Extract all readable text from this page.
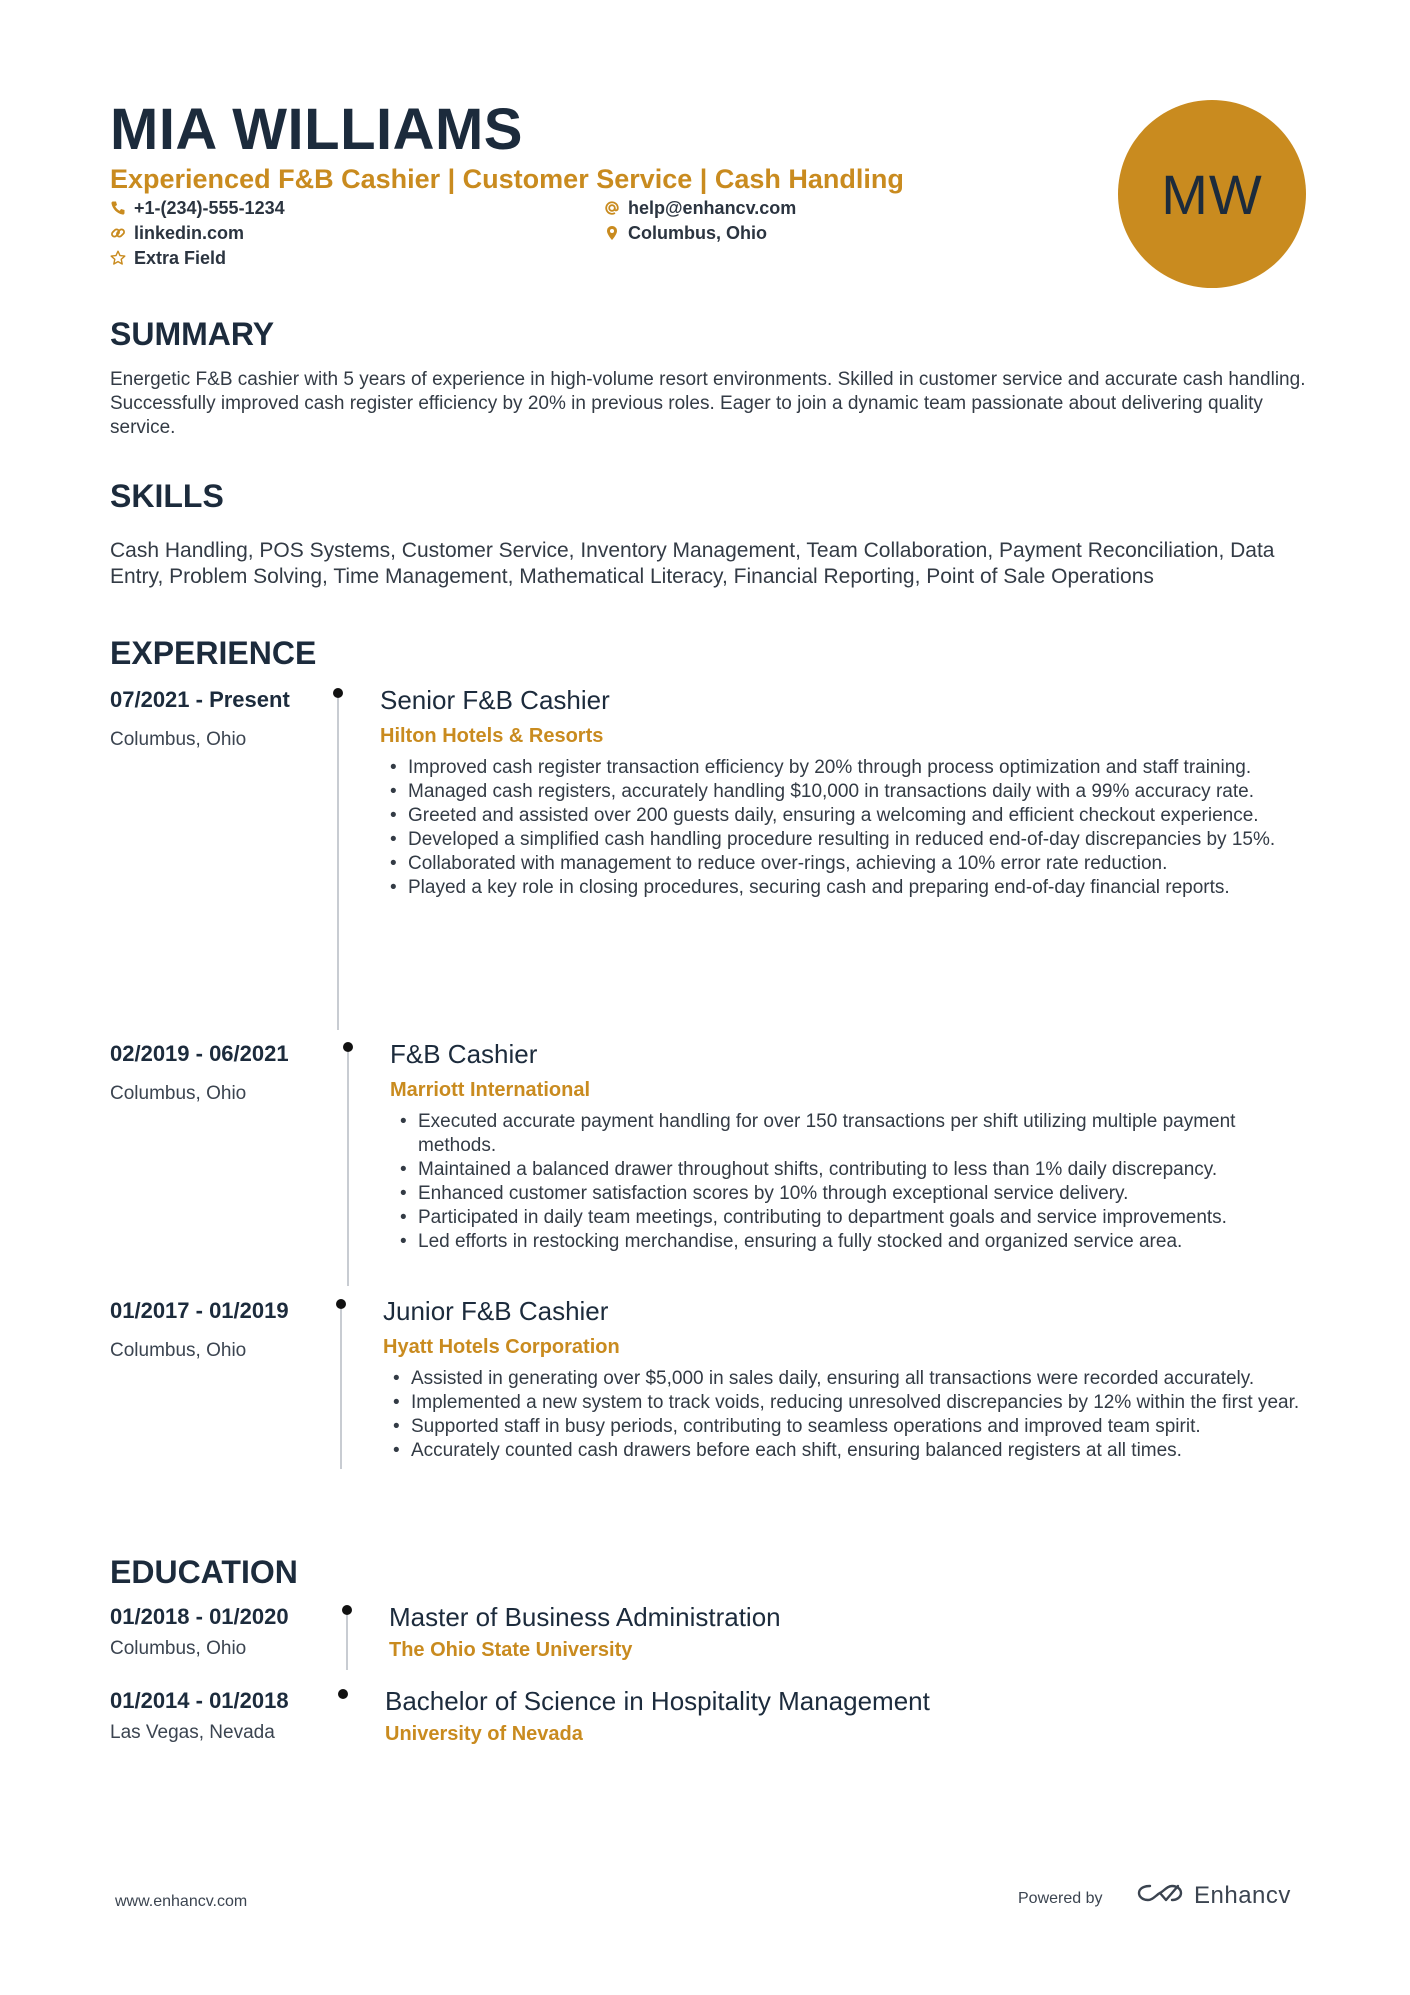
MIA WILLIAMS
Experienced F&B Cashier | Customer Service | Cash Handling
+1-(234)-555-1234	help@enhancv.com
linkedin.com	Columbus, Ohio
Extra Field
MW
SUMMARY
Energetic F&B cashier with 5 years of experience in high-volume resort environments. Skilled in customer service and accurate cash handling. Successfully improved cash register efficiency by 20% in previous roles. Eager to join a dynamic team passionate about delivering quality service.
SKILLS
Cash Handling, POS Systems, Customer Service, Inventory Management, Team Collaboration, Payment Reconciliation, Data Entry, Problem Solving, Time Management, Mathematical Literacy, Financial Reporting, Point of Sale Operations
EXPERIENCE
07/2021 - Present
Columbus, Ohio
Senior F&B Cashier
Hilton Hotels & Resorts
• Improved cash register transaction efficiency by 20% through process optimization and staff training.
• Managed cash registers, accurately handling $10,000 in transactions daily with a 99% accuracy rate.
• Greeted and assisted over 200 guests daily, ensuring a welcoming and efficient checkout experience.
• Developed a simplified cash handling procedure resulting in reduced end-of-day discrepancies by 15%.
• Collaborated with management to reduce over-rings, achieving a 10% error rate reduction.
• Played a key role in closing procedures, securing cash and preparing end-of-day financial reports.
02/2019 - 06/2021
Columbus, Ohio
F&B Cashier
Marriott International
• Executed accurate payment handling for over 150 transactions per shift utilizing multiple payment methods.
• Maintained a balanced drawer throughout shifts, contributing to less than 1% daily discrepancy.
• Enhanced customer satisfaction scores by 10% through exceptional service delivery.
• Participated in daily team meetings, contributing to department goals and service improvements.
• Led efforts in restocking merchandise, ensuring a fully stocked and organized service area.
01/2017 - 01/2019
Columbus, Ohio
Junior F&B Cashier
Hyatt Hotels Corporation
• Assisted in generating over $5,000 in sales daily, ensuring all transactions were recorded accurately.
• Implemented a new system to track voids, reducing unresolved discrepancies by 12% within the first year.
• Supported staff in busy periods, contributing to seamless operations and improved team spirit.
• Accurately counted cash drawers before each shift, ensuring balanced registers at all times.
EDUCATION
01/2018 - 01/2020
Columbus, Ohio
Master of Business Administration
The Ohio State University
01/2014 - 01/2018
Las Vegas, Nevada
Bachelor of Science in Hospitality Management
University of Nevada
www.enhancv.com	Powered by	Enhancv
